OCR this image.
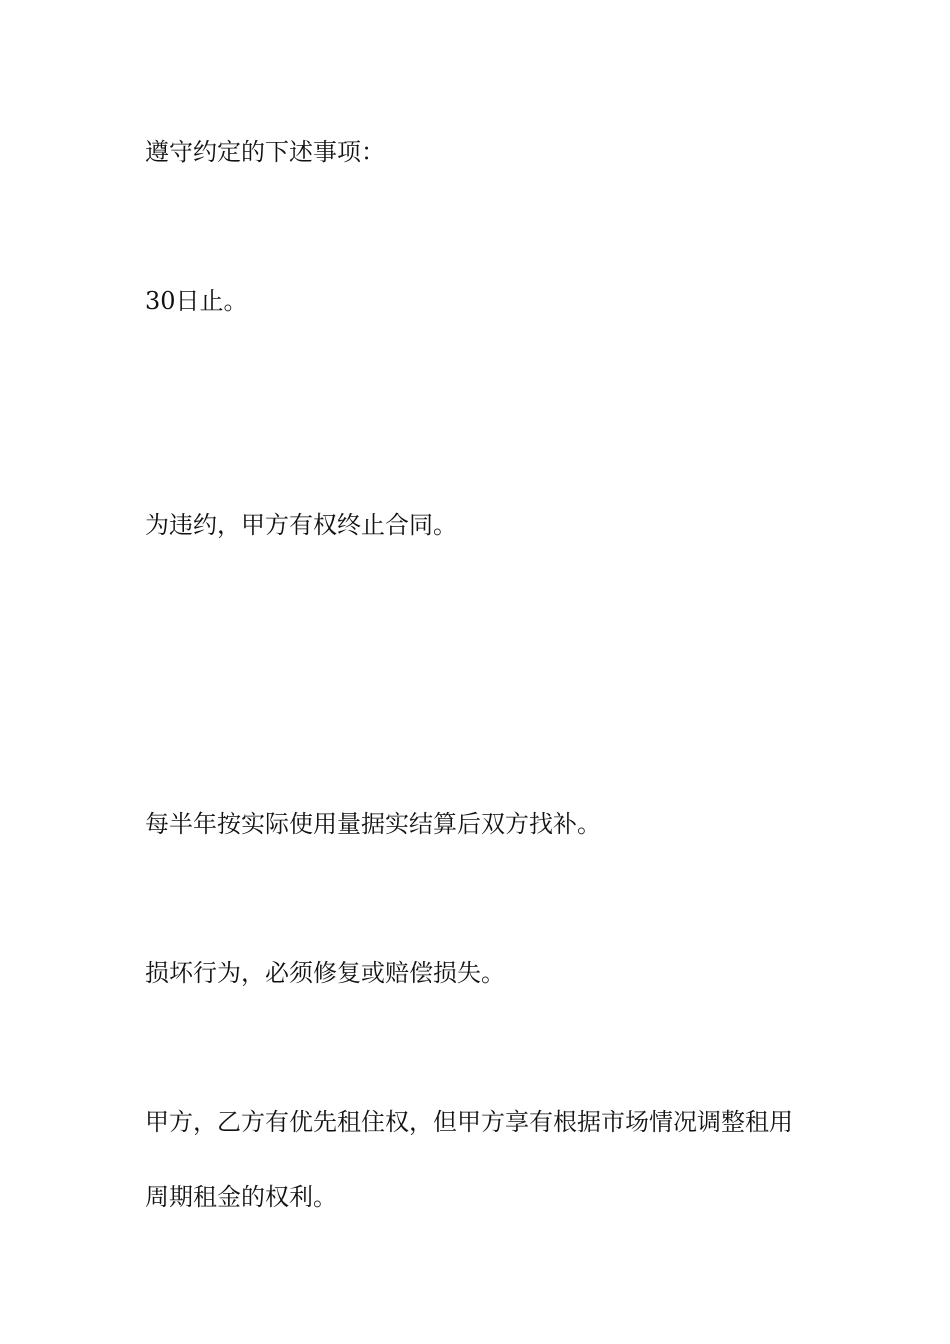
遵守约定的下述事项：
30日止。
为违约，甲方有权终止合同。
每半年按实际使用量据实结算后双方找补。
损坏行为，必须修复或赔偿损失。
甲方，乙方有优先租住权，但甲方享有根据市场情况调整租用
周期租金的权利。
